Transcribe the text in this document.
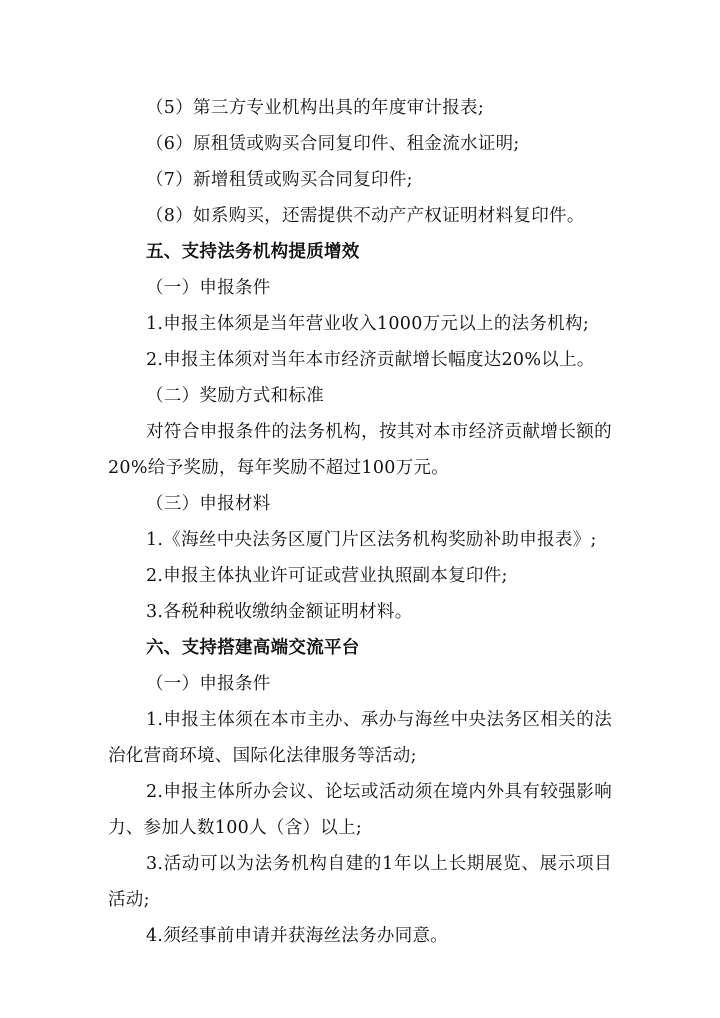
（5）第三方专业机构出具的年度审计报表;
（6）原租赁或购买合同复印件、租金流水证明;
（7）新增租赁或购买合同复印件;
（8）如系购买，还需提供不动产产权证明材料复印件。
五、支持法务机构提质增效
（一）申报条件
1.申报主体须是当年营业收入1000万元以上的法务机构;
2.申报主体须对当年本市经济贡献增长幅度达20%以上。
（二）奖励方式和标准
对符合申报条件的法务机构，按其对本市经济贡献增长额的
20%给予奖励，每年奖励不超过100万元。
（三）申报材料
1.《海丝中央法务区厦门片区法务机构奖励补助申报表》;
2.申报主体执业许可证或营业执照副本复印件;
3.各税种税收缴纳金额证明材料。
六、支持搭建高端交流平台
（一）申报条件
1.申报主体须在本市主办、承办与海丝中央法务区相关的法
治化营商环境、国际化法律服务等活动;
2.申报主体所办会议、论坛或活动须在境内外具有较强影响
力、参加人数100人（含）以上;
3.活动可以为法务机构自建的1年以上长期展览、展示项目
活动;
4.须经事前申请并获海丝法务办同意。
